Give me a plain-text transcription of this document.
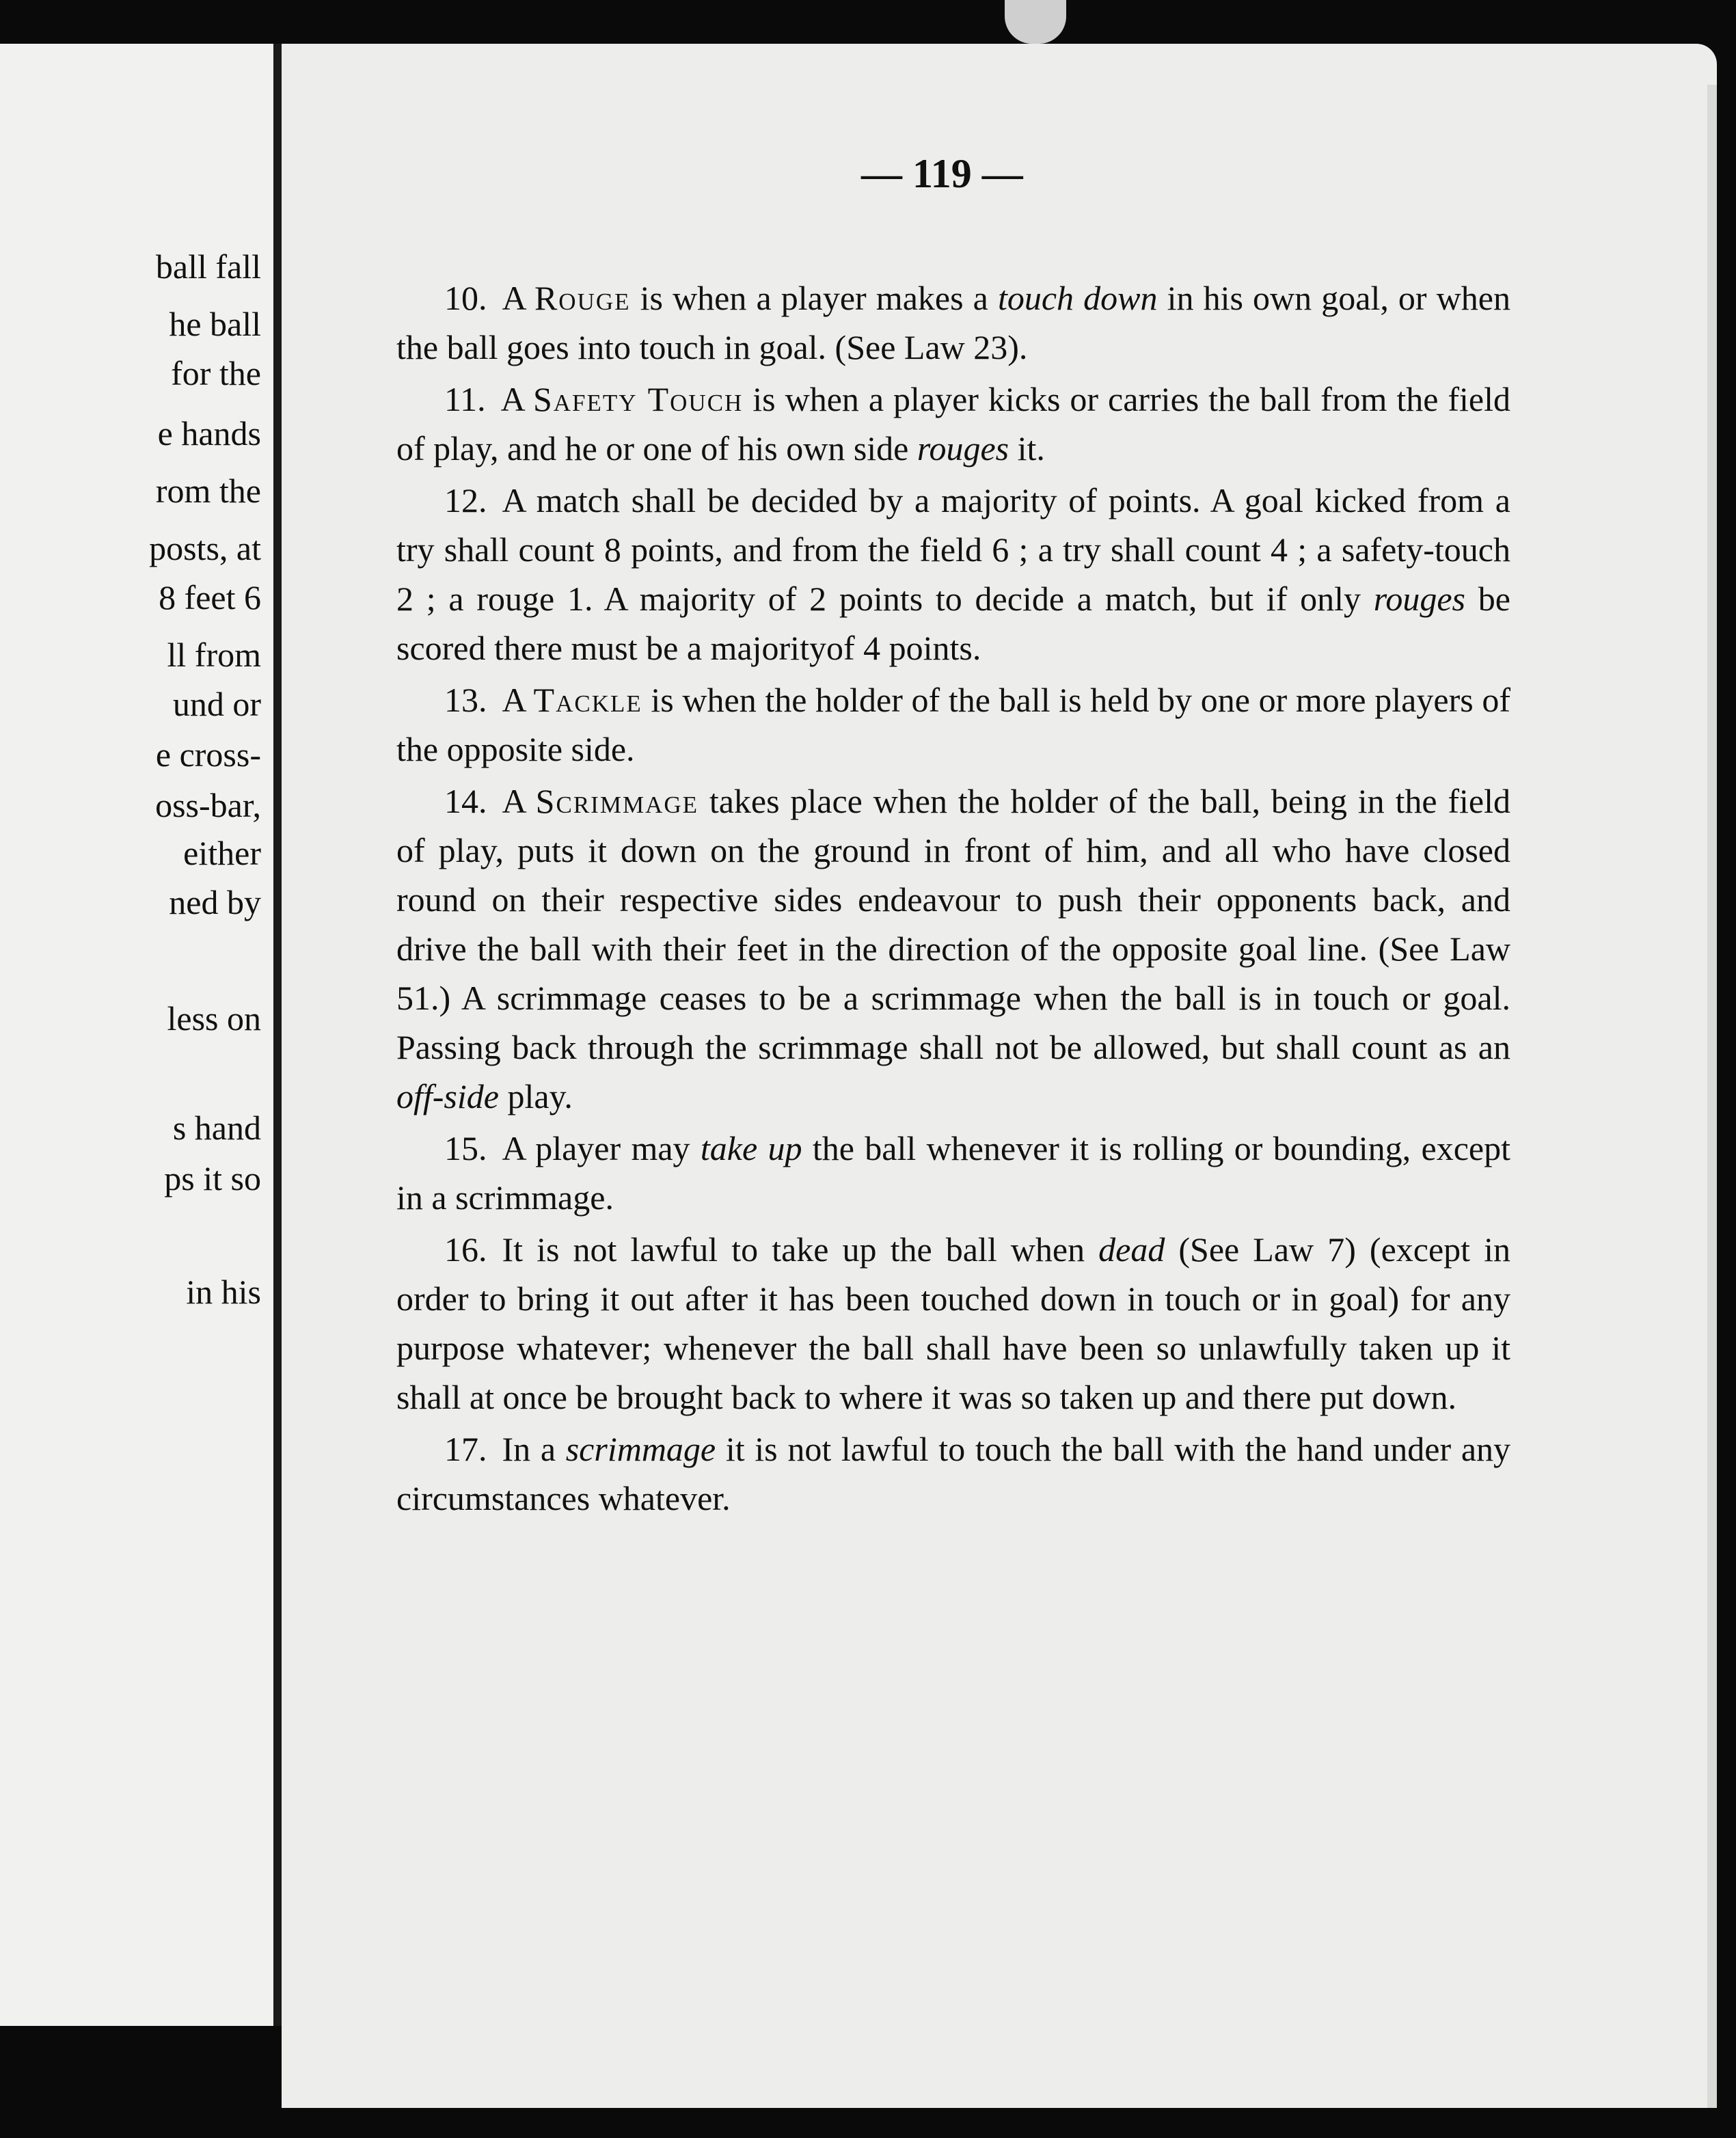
ball fall
he ball
for the
e hands
rom the
posts, at
8 feet 6
ll from
und or
e cross-
oss-bar,
either
ned by
less on
s hand
ps it so
in his
— 119 —

10. A Rouge is when a player makes a touch down in his own goal, or when the ball goes into touch in goal. (See Law 23).

11. A Safety Touch is when a player kicks or carries the ball from the field of play, and he or one of his own side rouges it.

12. A match shall be decided by a majority of points. A goal kicked from a try shall count 8 points, and from the field 6 ; a try shall count 4 ; a safety-touch 2 ; a rouge 1. A majority of 2 points to decide a match, but if only rouges be scored there must be a majorityof 4 points.

13. A Tackle is when the holder of the ball is held by one or more players of the opposite side.

14. A Scrimmage takes place when the holder of the ball, being in the field of play, puts it down on the ground in front of him, and all who have closed round on their respective sides endeavour to push their opponents back, and drive the ball with their feet in the direction of the opposite goal line. (See Law 51.) A scrimmage ceases to be a scrimmage when the ball is in touch or goal. Passing back through the scrimmage shall not be allowed, but shall count as an off-side play.

15. A player may take up the ball whenever it is rolling or bounding, except in a scrimmage.

16. It is not lawful to take up the ball when dead (See Law 7) (except in order to bring it out after it has been touched down in touch or in goal) for any purpose whatever; whenever the ball shall have been so unlawfully taken up it shall at once be brought back to where it was so taken up and there put down.

17. In a scrimmage it is not lawful to touch the ball with the hand under any circumstances whatever.
